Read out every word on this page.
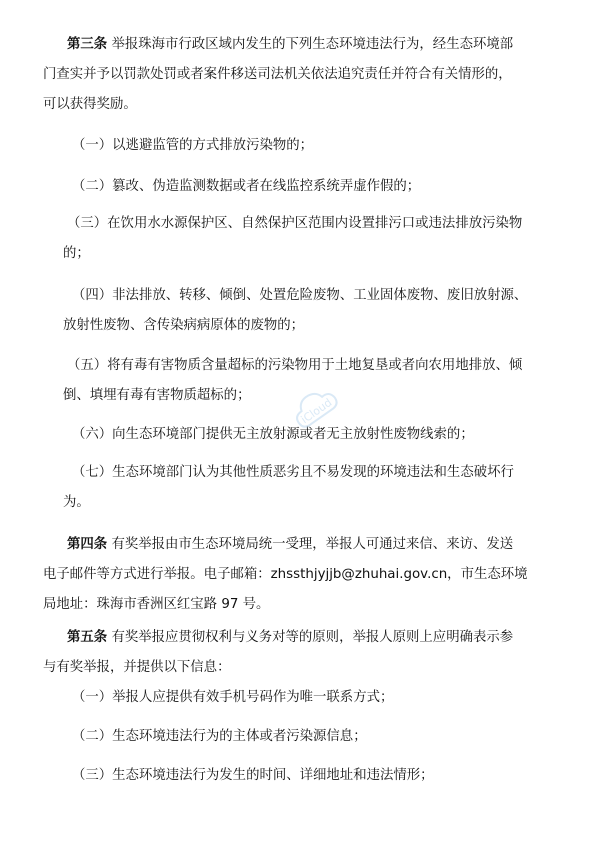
第三条 举报珠海市行政区域内发生的下列生态环境违法行为，经生态环境部
门查实并予以罚款处罚或者案件移送司法机关依法追究责任并符合有关情形的，
可以获得奖励。

（一）以逃避监管的方式排放污染物的；

（二）篡改、伪造监测数据或者在线监控系统弄虚作假的；

（三）在饮用水水源保护区、自然保护区范围内设置排污口或违法排放污染物
的；

（四）非法排放、转移、倾倒、处置危险废物、工业固体废物、废旧放射源、
放射性废物、含传染病病原体的废物的；

（五）将有毒有害物质含量超标的污染物用于土地复垦或者向农用地排放、倾
倒、填埋有毒有害物质超标的；

（六）向生态环境部门提供无主放射源或者无主放射性废物线索的；

（七）生态环境部门认为其他性质恶劣且不易发现的环境违法和生态破坏行
为。

第四条 有奖举报由市生态环境局统一受理，举报人可通过来信、来访、发送
电子邮件等方式进行举报。电子邮箱：zhssthjyjjb@zhuhai.gov.cn，市生态环境
局地址：珠海市香洲区红宝路 97 号。

第五条 有奖举报应贯彻权利与义务对等的原则，举报人原则上应明确表示参
与有奖举报，并提供以下信息：

（一）举报人应提供有效手机号码作为唯一联系方式；

（二）生态环境违法行为的主体或者污染源信息；

（三）生态环境违法行为发生的时间、详细地址和违法情形；

iCloud
